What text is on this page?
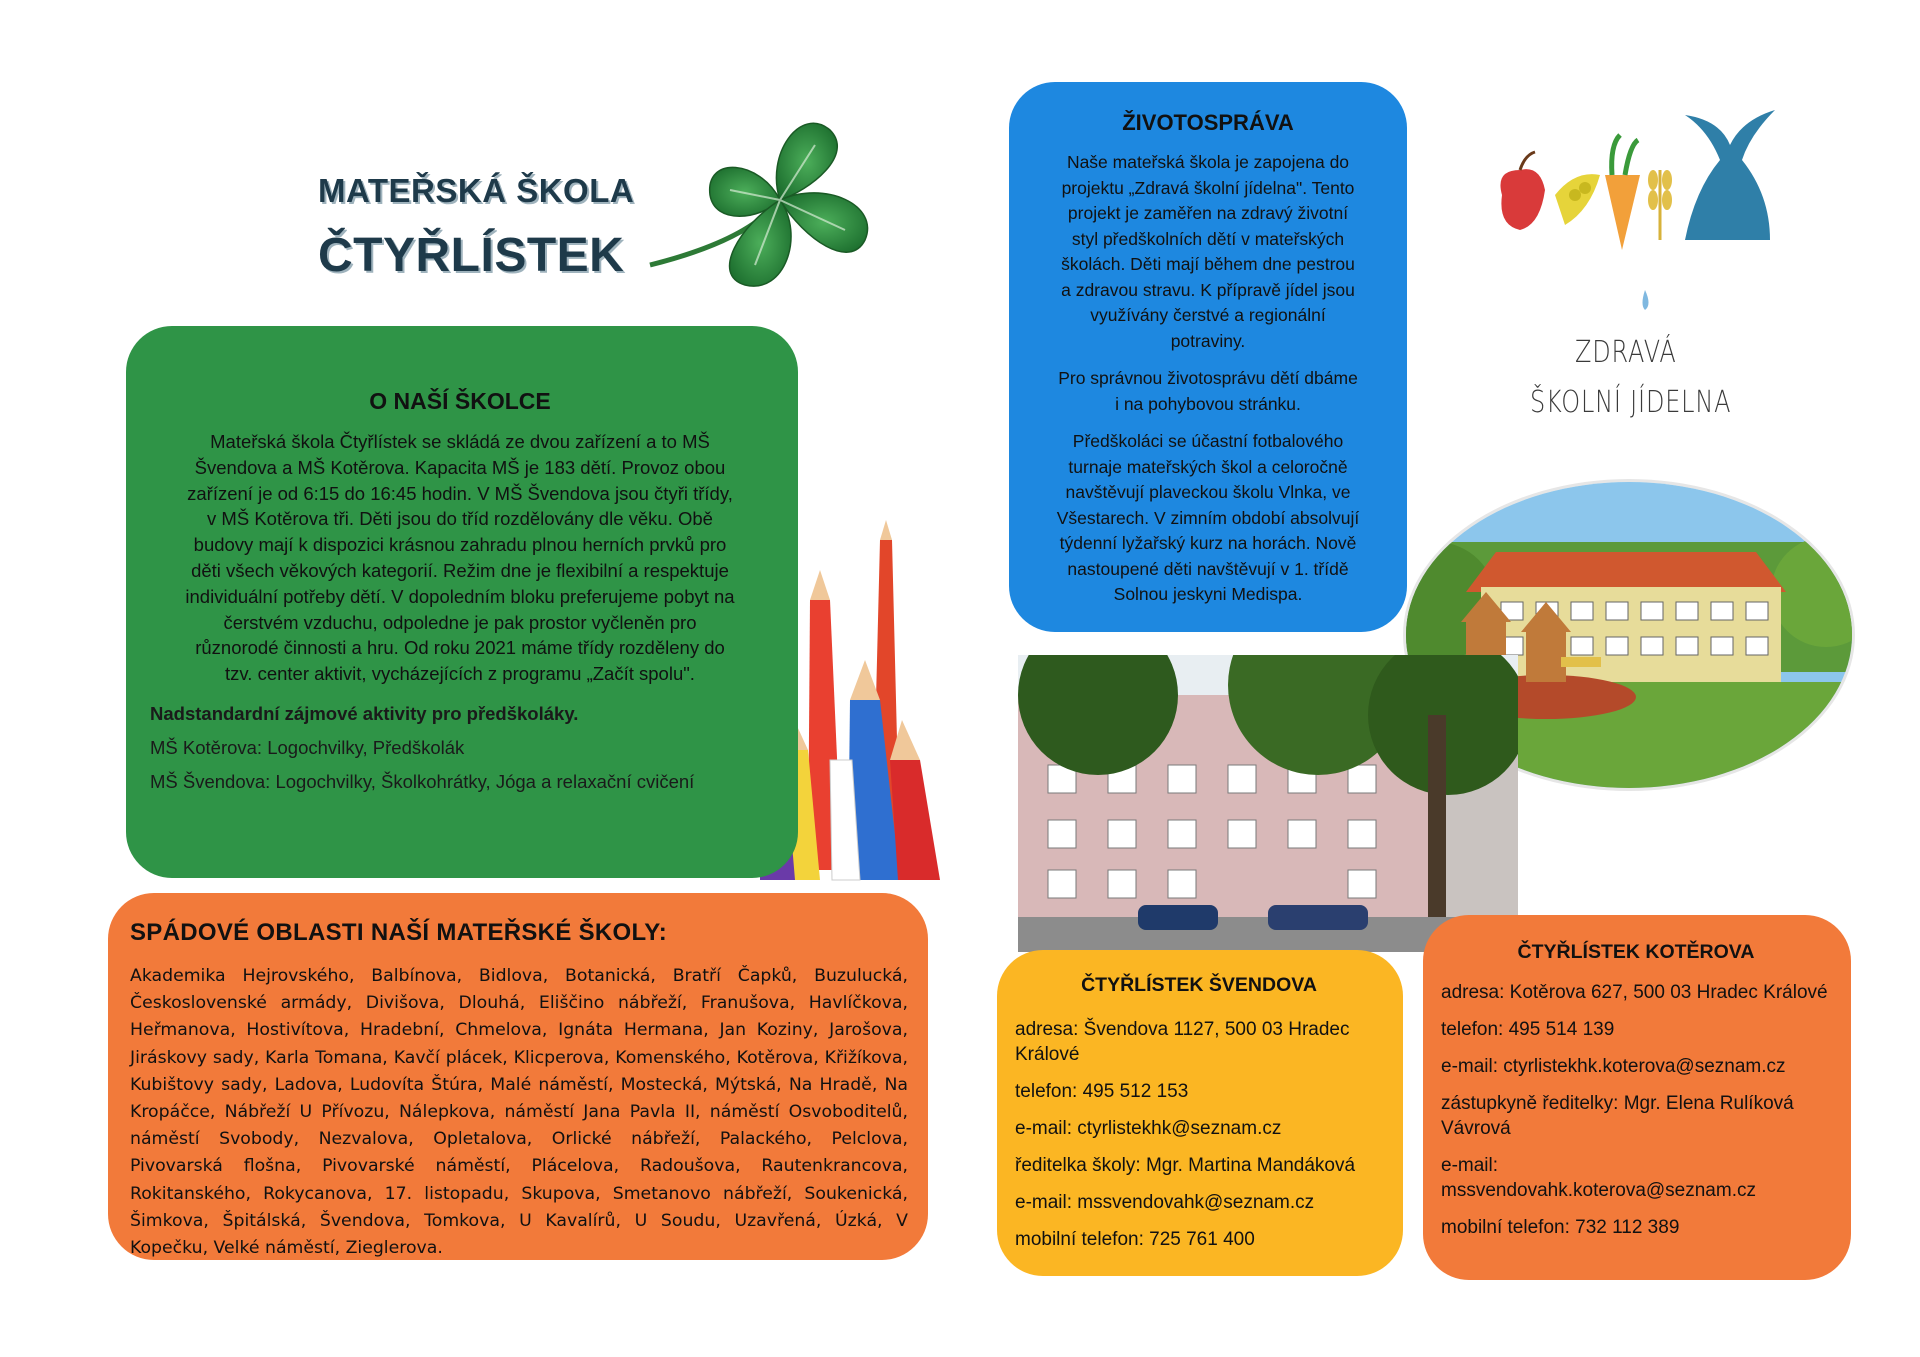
MATEŘSKÁ ŠKOLA
ČTYŘLÍSTEK
O NAŠÍ ŠKOLCE
Mateřská škola Čtyřlístek se skládá ze dvou zařízení a to MŠ
Švendova a MŠ Kotěrova. Kapacita MŠ je 183 dětí. Provoz obou
zařízení je od 6:15 do 16:45 hodin. V MŠ Švendova jsou čtyři třídy,
v MŠ Kotěrova tři. Děti jsou do tříd rozdělovány dle věku. Obě
budovy mají k dispozici krásnou zahradu plnou herních prvků pro
děti všech věkových kategorií. Režim dne je flexibilní a respektuje
individuální potřeby dětí. V dopoledním bloku preferujeme pobyt na
čerstvém vzduchu, odpoledne je pak prostor vyčleněn pro
různorodé činnosti a hru. Od roku 2021 máme třídy rozděleny do
tzv. center aktivit, vycházejících z programu „Začít spolu".

Nadstandardní zájmové aktivity pro předškoláky.

MŠ Kotěrova: Logochvilky, Předškolák

MŠ Švendova: Logochvilky, Školkohrátky, Jóga a relaxační cvičení

ŽIVOTOSPRÁVA

Naše mateřská škola je zapojena do
projektu „Zdravá školní jídelna". Tento
projekt je zaměřen na zdravý životní
styl předškolních dětí v mateřských
školách. Děti mají během dne pestrou
a zdravou stravu. K přípravě jídel jsou
využívány čerstvé a regionální
potraviny.

Pro správnou životosprávu dětí dbáme
i na pohybovou stránku.

Předškoláci se účastní fotbalového
turnaje mateřských škol a celoročně
navštěvují plaveckou školu Vlnka, ve
Všestarech. V zimním období absolvují
týdenní lyžařský kurz na horách. Nově
nastoupené děti navštěvují v 1. třídě
Solnou jeskyni Medispa.

ZDRAVÁ
ŠKOLNÍ JÍDELNA
SPÁDOVÉ OBLASTI NAŠÍ MATEŘSKÉ ŠKOLY:

Akademika Hejrovského, Balbínova, Bidlova, Botanická, Bratří Čapků, Buzulucká, Československé armády, Divišova, Dlouhá, Eliščino nábřeží, Franušova, Havlíčkova, Heřmanova, Hostivítova, Hradební, Chmelova, Ignáta Hermana, Jan Koziny, Jarošova, Jiráskovy sady, Karla Tomana, Kavčí plácek, Klicperova, Komenského, Kotěrova, Křižíkova, Kubištovy sady, Ladova, Ludovíta Štúra, Malé náměstí, Mostecká, Mýtská, Na Hradě, Na Kropáčce, Nábřeží U Přívozu, Nálepkova, náměstí Jana Pavla II, náměstí Osvoboditelů, náměstí Svobody, Nezvalova, Opletalova, Orlické nábřeží, Palackého, Pelclova, Pivovarská flošna, Pivovarské náměstí, Plácelova, Radoušova, Rautenkrancova, Rokitanského, Rokycanova, 17. listopadu, Skupova, Smetanovo nábřeží, Soukenická, Šimkova, Špitálská, Švendova, Tomkova, U Kavalírů, U Soudu, Uzavřená, Úzká, V Kopečku, Velké náměstí, Zieglerova.

ČTYŘLÍSTEK ŠVENDOVA
adresa: Švendova 1127, 500 03 Hradec Králové
telefon: 495 512 153
e-mail: ctyrlistekhk@seznam.cz
ředitelka školy: Mgr. Martina Mandáková
e-mail: mssvendovahk@seznam.cz
mobilní telefon: 725 761 400
ČTYŘLÍSTEK KOTĚROVA
adresa: Kotěrova 627, 500 03 Hradec Králové
telefon: 495 514 139
e-mail: ctyrlistekhk.koterova@seznam.cz
zástupkyně ředitelky: Mgr. Elena Rulíková Vávrová
e-mail:
mssvendovahk.koterova@seznam.cz
mobilní telefon: 732 112 389
